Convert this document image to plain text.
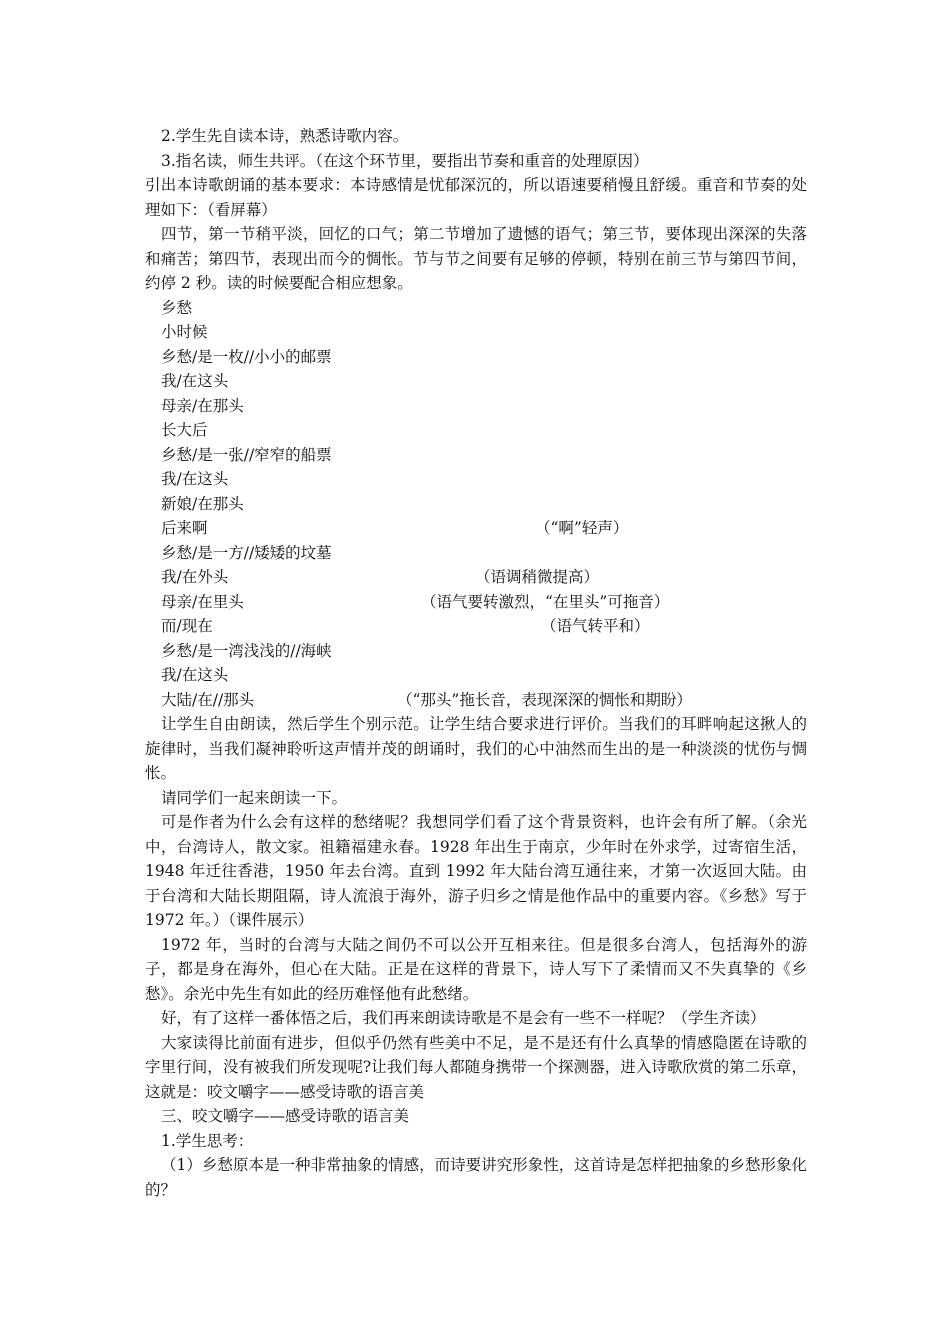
2.学生先自读本诗，熟悉诗歌内容。

3.指名读，师生共评。（在这个环节里，要指出节奏和重音的处理原因）

引出本诗歌朗诵的基本要求：本诗感情是忧郁深沉的，所以语速要稍慢且舒缓。重音和节奏的处理如下：（看屏幕）

四节，第一节稍平淡，回忆的口气；第二节增加了遗憾的语气；第三节，要体现出深深的失落和痛苦；第四节，表现出而今的惆怅。节与节之间要有足够的停顿，特别在前三节与第四节间，约停 2 秒。读的时候要配合相应想象。

乡愁
小时候
乡愁/是一枚//小小的邮票
我/在这头
母亲/在那头
长大后
乡愁/是一张//窄窄的船票
我/在这头
新娘/在那头
后来啊	（“啊”轻声）
乡愁/是一方//矮矮的坟墓
我/在外头	（语调稍微提高）
母亲/在里头	（语气要转激烈，“在里头”可拖音）
而/现在	（语气转平和）
乡愁/是一湾浅浅的//海峡
我/在这头
大陆/在//那头	（“那头”拖长音，表现深深的惆怅和期盼）

让学生自由朗读，然后学生个别示范。让学生结合要求进行评价。当我们的耳畔响起这揪人的旋律时，当我们凝神聆听这声情并茂的朗诵时，我们的心中油然而生出的是一种淡淡的忧伤与惆怅。

请同学们一起来朗读一下。

可是作者为什么会有这样的愁绪呢？我想同学们看了这个背景资料，也许会有所了解。（余光中，台湾诗人，散文家。祖籍福建永春。1928 年出生于南京，少年时在外求学，过寄宿生活，1948 年迁往香港，1950 年去台湾。直到 1992 年大陆台湾互通往来，才第一次返回大陆。由于台湾和大陆长期阻隔，诗人流浪于海外，游子归乡之情是他作品中的重要内容。《乡愁》写于 1972 年。）（课件展示）

1972 年，当时的台湾与大陆之间仍不可以公开互相来往。但是很多台湾人，包括海外的游子，都是身在海外，但心在大陆。正是在这样的背景下，诗人写下了柔情而又不失真挚的《乡愁》。余光中先生有如此的经历难怪他有此愁绪。

好，有了这样一番体悟之后，我们再来朗读诗歌是不是会有一些不一样呢？（学生齐读）

大家读得比前面有进步，但似乎仍然有些美中不足，是不是还有什么真挚的情感隐匿在诗歌的字里行间，没有被我们所发现呢?让我们每人都随身携带一个探测器，进入诗歌欣赏的第二乐章，这就是：咬文嚼字——感受诗歌的语言美

三、咬文嚼字——感受诗歌的语言美

1.学生思考：

（1）乡愁原本是一种非常抽象的情感，而诗要讲究形象性，这首诗是怎样把抽象的乡愁形象化的？
